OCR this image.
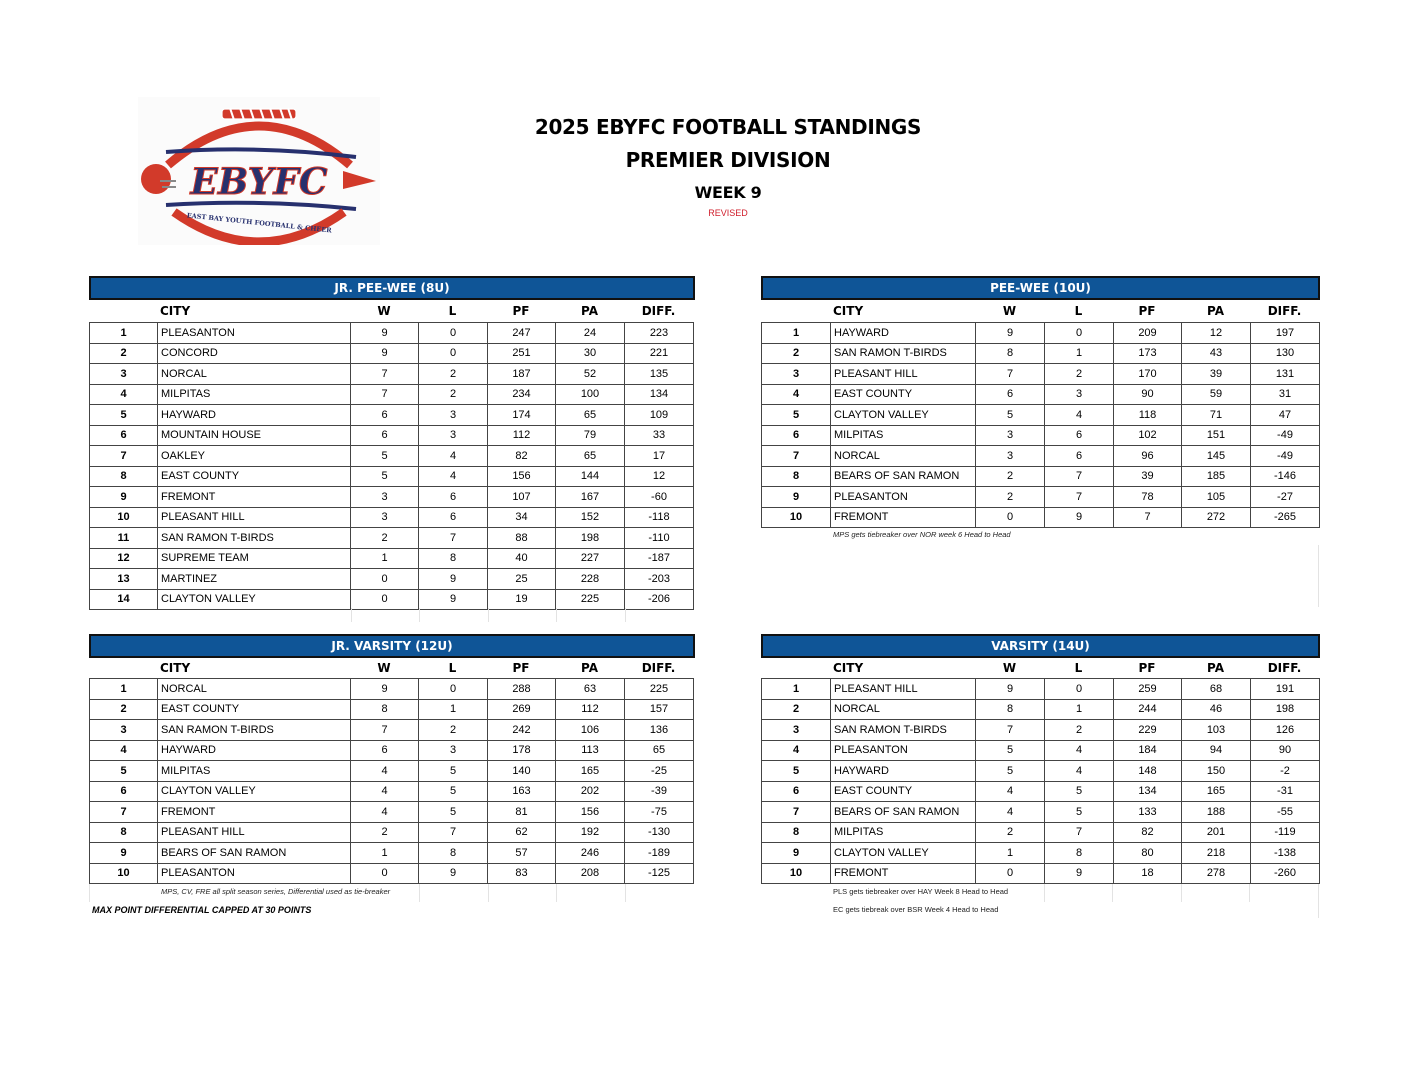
EBYFC
EAST BAY YOUTH FOOTBALL & CHEER
2025 EBYFC FOOTBALL STANDINGS
PREMIER DIVISION
WEEK 9
REVISED
JR. PEE-WEE (8U)
CITY	W	L	PF	PA	DIFF.
1	PLEASANTON	9	0	247	24	223
2	CONCORD	9	0	251	30	221
3	NORCAL	7	2	187	52	135
4	MILPITAS	7	2	234	100	134
5	HAYWARD	6	3	174	65	109
6	MOUNTAIN HOUSE	6	3	112	79	33
7	OAKLEY	5	4	82	65	17
8	EAST COUNTY	5	4	156	144	12
9	FREMONT	3	6	107	167	-60
10	PLEASANT HILL	3	6	34	152	-118
11	SAN RAMON T-BIRDS	2	7	88	198	-110
12	SUPREME TEAM	1	8	40	227	-187
13	MARTINEZ	0	9	25	228	-203
14	CLAYTON VALLEY	0	9	19	225	-206
PEE-WEE (10U)
CITY	W	L	PF	PA	DIFF.
1	HAYWARD	9	0	209	12	197
2	SAN RAMON T-BIRDS	8	1	173	43	130
3	PLEASANT HILL	7	2	170	39	131
4	EAST COUNTY	6	3	90	59	31
5	CLAYTON VALLEY	5	4	118	71	47
6	MILPITAS	3	6	102	151	-49
7	NORCAL	3	6	96	145	-49
8	BEARS OF SAN RAMON	2	7	39	185	-146
9	PLEASANTON	2	7	78	105	-27
10	FREMONT	0	9	7	272	-265
MPS gets tiebreaker over NOR week 6 Head to Head
JR. VARSITY (12U)
CITY	W	L	PF	PA	DIFF.
1	NORCAL	9	0	288	63	225
2	EAST COUNTY	8	1	269	112	157
3	SAN RAMON T-BIRDS	7	2	242	106	136
4	HAYWARD	6	3	178	113	65
5	MILPITAS	4	5	140	165	-25
6	CLAYTON VALLEY	4	5	163	202	-39
7	FREMONT	4	5	81	156	-75
8	PLEASANT HILL	2	7	62	192	-130
9	BEARS OF SAN RAMON	1	8	57	246	-189
10	PLEASANTON	0	9	83	208	-125
MPS, CV, FRE all split season series, Differential used as tie-breaker
MAX POINT DIFFERENTIAL CAPPED AT 30 POINTS
VARSITY (14U)
CITY	W	L	PF	PA	DIFF.
1	PLEASANT HILL	9	0	259	68	191
2	NORCAL	8	1	244	46	198
3	SAN RAMON T-BIRDS	7	2	229	103	126
4	PLEASANTON	5	4	184	94	90
5	HAYWARD	5	4	148	150	-2
6	EAST COUNTY	4	5	134	165	-31
7	BEARS OF SAN RAMON	4	5	133	188	-55
8	MILPITAS	2	7	82	201	-119
9	CLAYTON VALLEY	1	8	80	218	-138
10	FREMONT	0	9	18	278	-260
PLS gets tiebreaker over HAY Week 8 Head to Head
EC gets tiebreak over BSR Week 4 Head to Head
